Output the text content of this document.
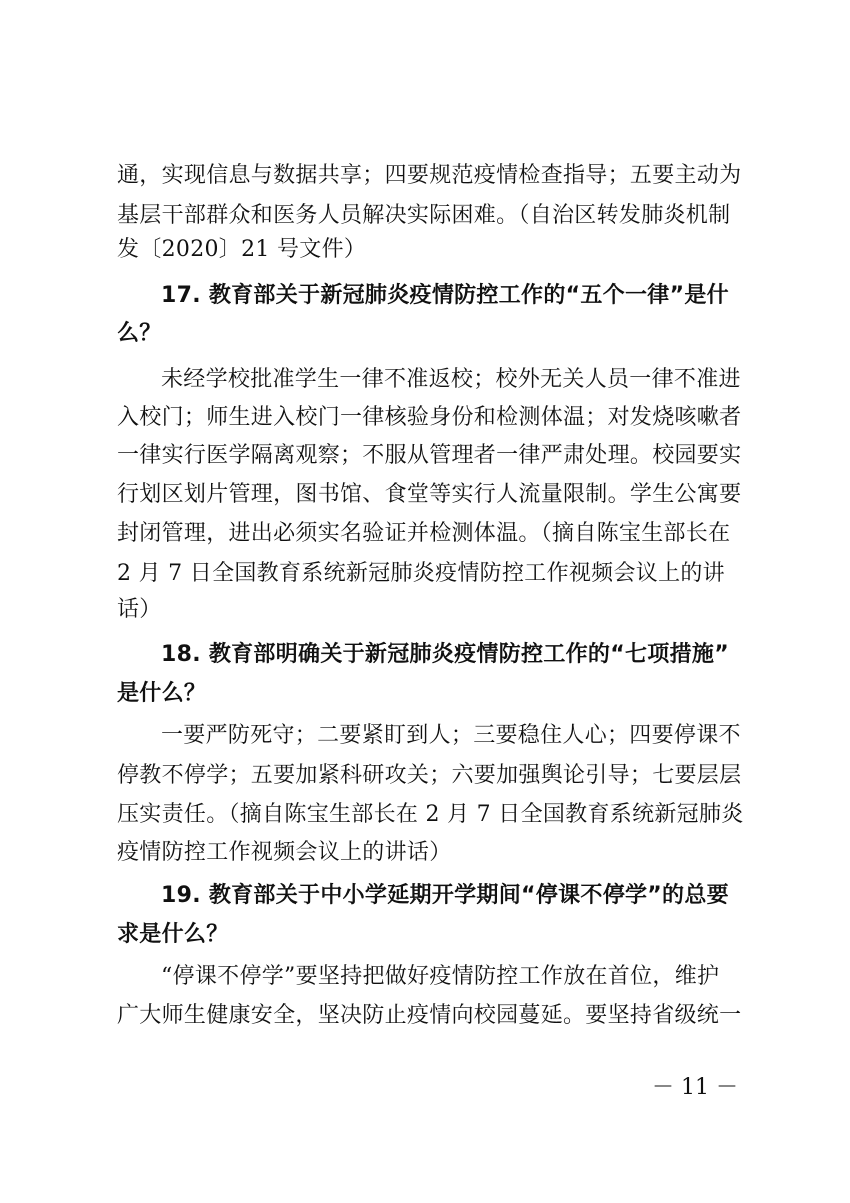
通，实现信息与数据共享；四要规范疫情检查指导；五要主动为
基层干部群众和医务人员解决实际困难。（自治区转发肺炎机制
发〔2020〕21 号文件）
17. 教育部关于新冠肺炎疫情防控工作的“五个一律”是什
么？
未经学校批准学生一律不准返校；校外无关人员一律不准进
入校门；师生进入校门一律核验身份和检测体温；对发烧咳嗽者
一律实行医学隔离观察；不服从管理者一律严肃处理。校园要实
行划区划片管理，图书馆、食堂等实行人流量限制。学生公寓要
封闭管理，进出必须实名验证并检测体温。（摘自陈宝生部长在
2 月 7 日全国教育系统新冠肺炎疫情防控工作视频会议上的讲
话）
18. 教育部明确关于新冠肺炎疫情防控工作的“七项措施”
是什么？
一要严防死守；二要紧盯到人；三要稳住人心；四要停课不
停教不停学；五要加紧科研攻关；六要加强舆论引导；七要层层
压实责任。（摘自陈宝生部长在 2 月 7 日全国教育系统新冠肺炎
疫情防控工作视频会议上的讲话）
19. 教育部关于中小学延期开学期间“停课不停学”的总要
求是什么？
“停课不停学”要坚持把做好疫情防控工作放在首位，维护
广大师生健康安全，坚决防止疫情向校园蔓延。要坚持省级统一
－ 11 －
